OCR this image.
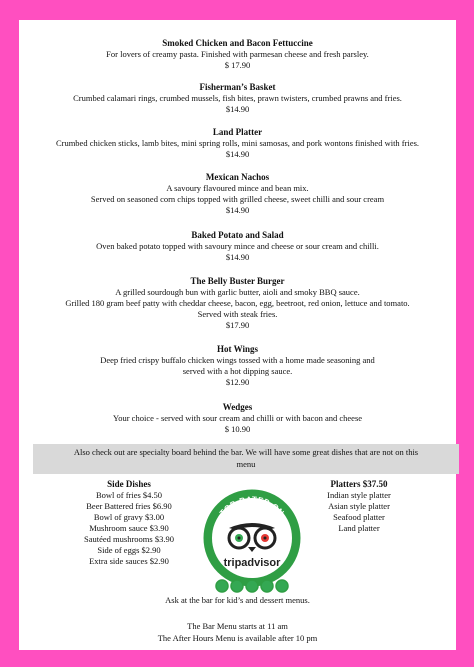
Smoked Chicken and Bacon Fettuccine
For lovers of creamy pasta. Finished with parmesan cheese and fresh parsley.
$ 17.90
Fisherman’s Basket
Crumbed calamari rings, crumbed mussels, fish bites, prawn twisters, crumbed prawns and fries.
$14.90
Land Platter
Crumbed chicken sticks, lamb bites, mini spring rolls, mini samosas, and pork wontons finished with fries.
$14.90
Mexican Nachos
A savoury flavoured mince and bean mix.
Served on seasoned corn chips topped with grilled cheese, sweet chilli and sour cream
$14.90
Baked Potato and Salad
Oven baked potato topped with savoury mince and cheese or sour cream and chilli.
$14.90
The Belly Buster Burger
A grilled sourdough bun with garlic butter, aioli and smoky BBQ sauce.
Grilled 180 gram beef patty with cheddar cheese, bacon, egg, beetroot, red onion, lettuce and tomato.
Served with steak fries.
$17.90
Hot Wings
Deep fried crispy buffalo chicken wings tossed with a home made seasoning and
served with a hot dipping sauce.
$12.90
Wedges
Your choice - served with sour cream and chilli or with bacon and cheese
$ 10.90
Also check out are specialty board behind the bar. We will have some great dishes that are not on this
menu
Side Dishes
Bowl of fries $4.50
Beer Battered fries $6.90
Bowl of gravy $3.00
Mushroom sauce $3.90
Sautéed mushrooms $3.90
Side of eggs $2.90
Extra side sauces $2.90
TOP-RATED ON
tripadvisor
Platters $37.50
Indian style platter
Asian style platter
Seafood platter
Land platter
Ask at the bar for kid’s and dessert menus.
The Bar Menu starts at 11 am
The After Hours Menu is available after 10 pm
